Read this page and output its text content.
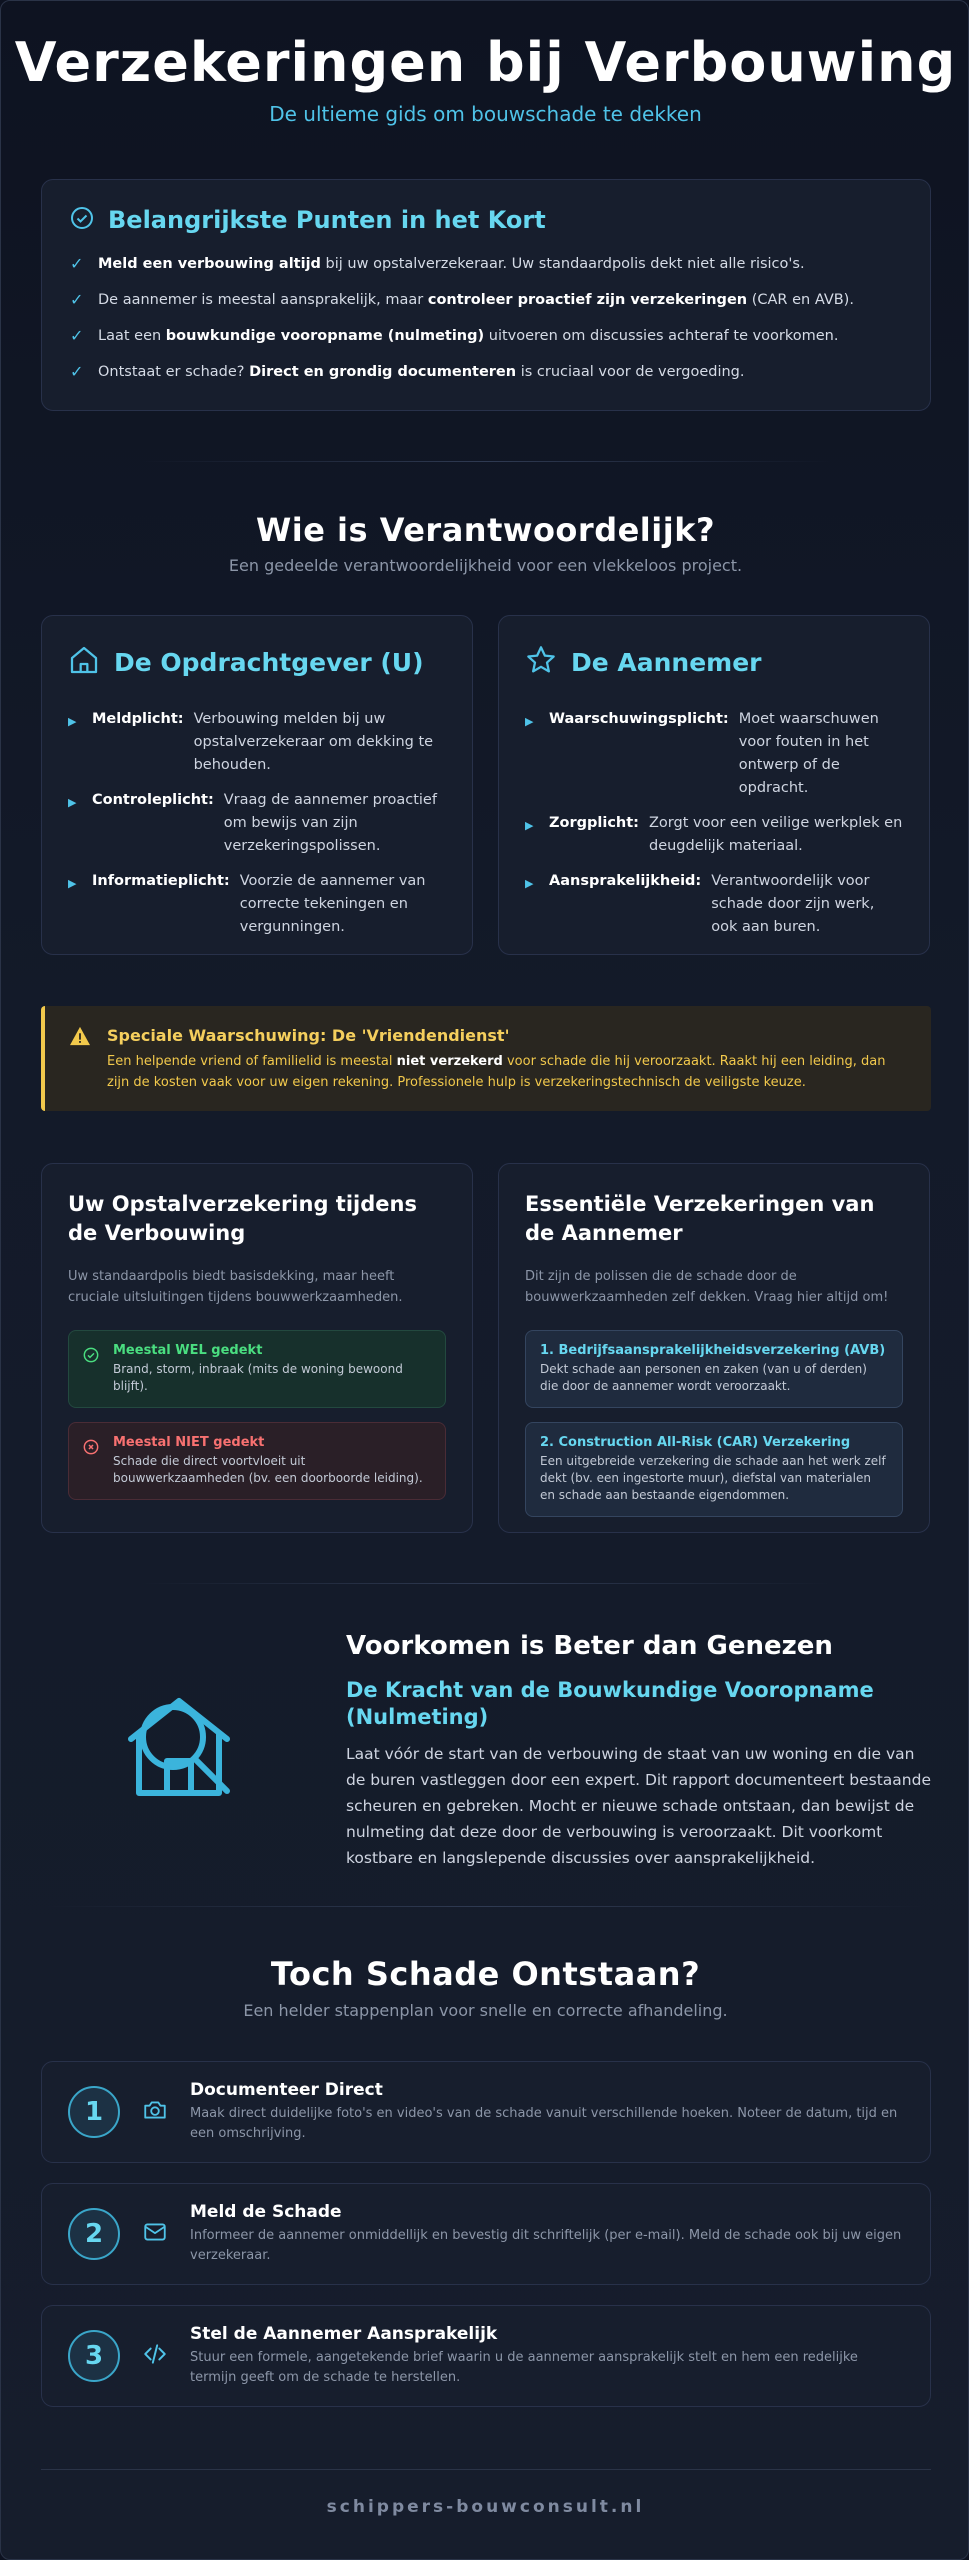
Verzekeringen bij Verbouwing
De ultieme gids om bouwschade te dekken
Belangrijkste Punten in het Kort
✓ Meld een verbouwing altijd bij uw opstalverzekeraar. Uw standaardpolis dekt niet alle risico's.
✓ De aannemer is meestal aansprakelijk, maar controleer proactief zijn verzekeringen (CAR en AVB).
✓ Laat een bouwkundige vooropname (nulmeting) uitvoeren om discussies achteraf te voorkomen.
✓ Ontstaat er schade? Direct en grondig documenteren is cruciaal voor de vergoeding.
Wie is Verantwoordelijk?
Een gedeelde verantwoordelijkheid voor een vlekkeloos project.
De Opdrachtgever (U)
▶	Meldplicht: Verbouwing melden bij uw opstalverzekeraar om dekking te behouden.
▶	Controleplicht: Vraag de aannemer proactief om bewijs van zijn verzekeringspolissen.
▶	Informatieplicht: Voorzie de aannemer van correcte tekeningen en vergunningen.
De Aannemer
▶	Waarschuwingsplicht: Moet waarschuwen voor fouten in het ontwerp of de opdracht.
▶	Zorgplicht: Zorgt voor een veilige werkplek en deugdelijk materiaal.
▶	Aansprakelijkheid: Verantwoordelijk voor schade door zijn werk, ook aan buren.
Speciale Waarschuwing: De 'Vriendendienst'
Een helpende vriend of familielid is meestal niet verzekerd voor schade die hij veroorzaakt. Raakt hij een leiding, dan zijn de kosten vaak voor uw eigen rekening. Professionele hulp is verzekeringstechnisch de veiligste keuze.
Uw Opstalverzekering tijdens de Verbouwing
Uw standaardpolis biedt basisdekking, maar heeft cruciale uitsluitingen tijdens bouwwerkzaamheden.
Meestal WEL gedekt
Brand, storm, inbraak (mits de woning bewoond blijft).
Meestal NIET gedekt
Schade die direct voortvloeit uit bouwwerkzaamheden (bv. een doorboorde leiding).
Essentiële Verzekeringen van de Aannemer
Dit zijn de polissen die de schade door de bouwwerkzaamheden zelf dekken. Vraag hier altijd om!
1. Bedrijfsaansprakelijkheidsverzekering (AVB)
Dekt schade aan personen en zaken (van u of derden) die door de aannemer wordt veroorzaakt.
2. Construction All-Risk (CAR) Verzekering
Een uitgebreide verzekering die schade aan het werk zelf dekt (bv. een ingestorte muur), diefstal van materialen en schade aan bestaande eigendommen.
Voorkomen is Beter dan Genezen
De Kracht van de Bouwkundige Vooropname (Nulmeting)
Laat vóór de start van de verbouwing de staat van uw woning en die van de buren vastleggen door een expert. Dit rapport documenteert bestaande scheuren en gebreken. Mocht er nieuwe schade ontstaan, dan bewijst de nulmeting dat deze door de verbouwing is veroorzaakt. Dit voorkomt kostbare en langslepende discussies over aansprakelijkheid.
Toch Schade Ontstaan?
Een helder stappenplan voor snelle en correcte afhandeling.
1
Documenteer Direct
Maak direct duidelijke foto's en video's van de schade vanuit verschillende hoeken. Noteer de datum, tijd en een omschrijving.
2
Meld de Schade
Informeer de aannemer onmiddellijk en bevestig dit schriftelijk (per e-mail). Meld de schade ook bij uw eigen verzekeraar.
3
Stel de Aannemer Aansprakelijk
Stuur een formele, aangetekende brief waarin u de aannemer aansprakelijk stelt en hem een redelijke termijn geeft om de schade te herstellen.
schippers-bouwconsult.nl
